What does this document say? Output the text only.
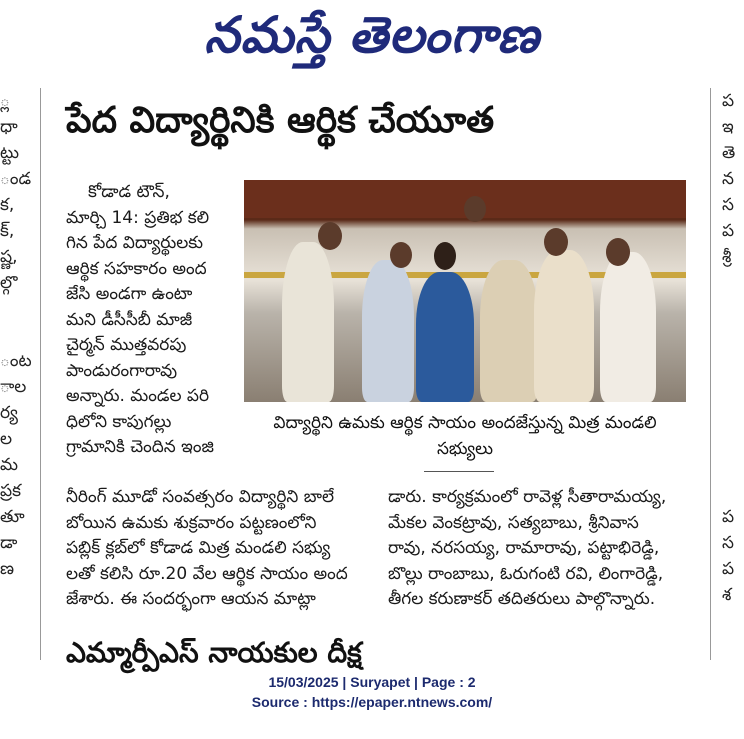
నమస్తే తెలంగాణ
్ల
ధా
ట్టు
ండ
క,
క్,
ష్ణ,
ల్గొ
ంట
ాల
ర్య
ల
మ
ప్రక
తూ
డా
ణ
ప
ఇ
తె
న
స
ప
శ్రీ
ప
స
ప
శ
పేద విద్యార్థినికి ఆర్థిక చేయూత
కోడాడ టౌన్,
మార్చి 14: ప్రతిభ కలి
గిన పేద విద్యార్థులకు
ఆర్థిక సహకారం అంద
జేసి అండగా ఉంటా
మని డీసీసీబీ మాజీ
చైర్మన్ ముత్తవరపు
పాండురంగారావు
అన్నారు. మండల పరి
ధిలోని కాపుగల్లు
గ్రామానికి చెందిన ఇంజి
విద్యార్థిని ఉమకు ఆర్థిక సాయం అందజేస్తున్న మిత్ర మండలి సభ్యులు
నీరింగ్ మూడో సంవత్సరం విద్యార్థిని బాలే
బోయిన ఉమకు శుక్రవారం పట్టణంలోని
పబ్లిక్ క్లబ్‌లో కోడాడ మిత్ర మండలి సభ్యు
లతో కలిసి రూ.20 వేల ఆర్థిక సాయం అంద
జేశారు. ఈ సందర్భంగా ఆయన మాట్లా
డారు. కార్యక్రమంలో రావెళ్ల సీతారామయ్య,
మేకల వెంకట్రావు, సత్యబాబు, శ్రీనివాస
రావు, నరసయ్య, రామారావు, పట్టాభిరెడ్డి,
బొల్లు రాంబాబు, ఓరుగంటి రవి, లింగారెడ్డి,
తీగల కరుణాకర్ తదితరులు పాల్గొన్నారు.
ఎమ్మార్పీఎస్ నాయకుల దీక్ష
15/03/2025 | Suryapet | Page : 2
Source : https://epaper.ntnews.com/
